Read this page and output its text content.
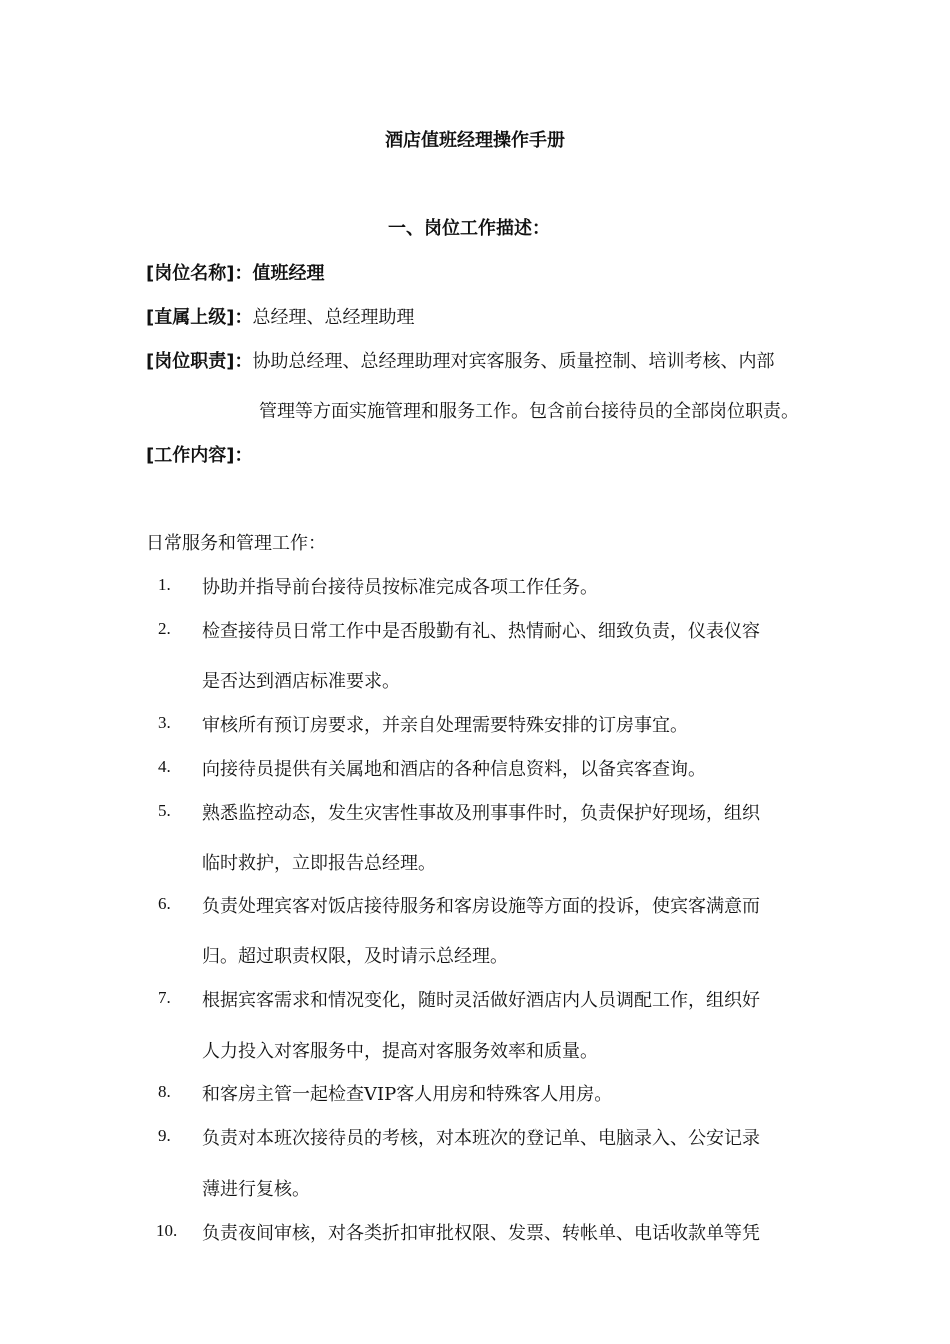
酒店值班经理操作手册
一、岗位工作描述：
[岗位名称]：值班经理
[直属上级]：总经理、总经理助理
[岗位职责]：协助总经理、总经理助理对宾客服务、质量控制、培训考核、内部
管理等方面实施管理和服务工作。包含前台接待员的全部岗位职责。
[工作内容]：
日常服务和管理工作：
1. 协助并指导前台接待员按标准完成各项工作任务。
2. 检查接待员日常工作中是否殷勤有礼、热情耐心、细致负责，仪表仪容
是否达到酒店标准要求。
3. 审核所有预订房要求，并亲自处理需要特殊安排的订房事宜。
4. 向接待员提供有关属地和酒店的各种信息资料，以备宾客查询。
5. 熟悉监控动态，发生灾害性事故及刑事事件时，负责保护好现场，组织
临时救护，立即报告总经理。
6. 负责处理宾客对饭店接待服务和客房设施等方面的投诉，使宾客满意而
归。超过职责权限，及时请示总经理。
7. 根据宾客需求和情况变化，随时灵活做好酒店内人员调配工作，组织好
人力投入对客服务中，提高对客服务效率和质量。
8. 和客房主管一起检查VIP客人用房和特殊客人用房。
9. 负责对本班次接待员的考核，对本班次的登记单、电脑录入、公安记录
薄进行复核。
10. 负责夜间审核，对各类折扣审批权限、发票、转帐单、电话收款单等凭
